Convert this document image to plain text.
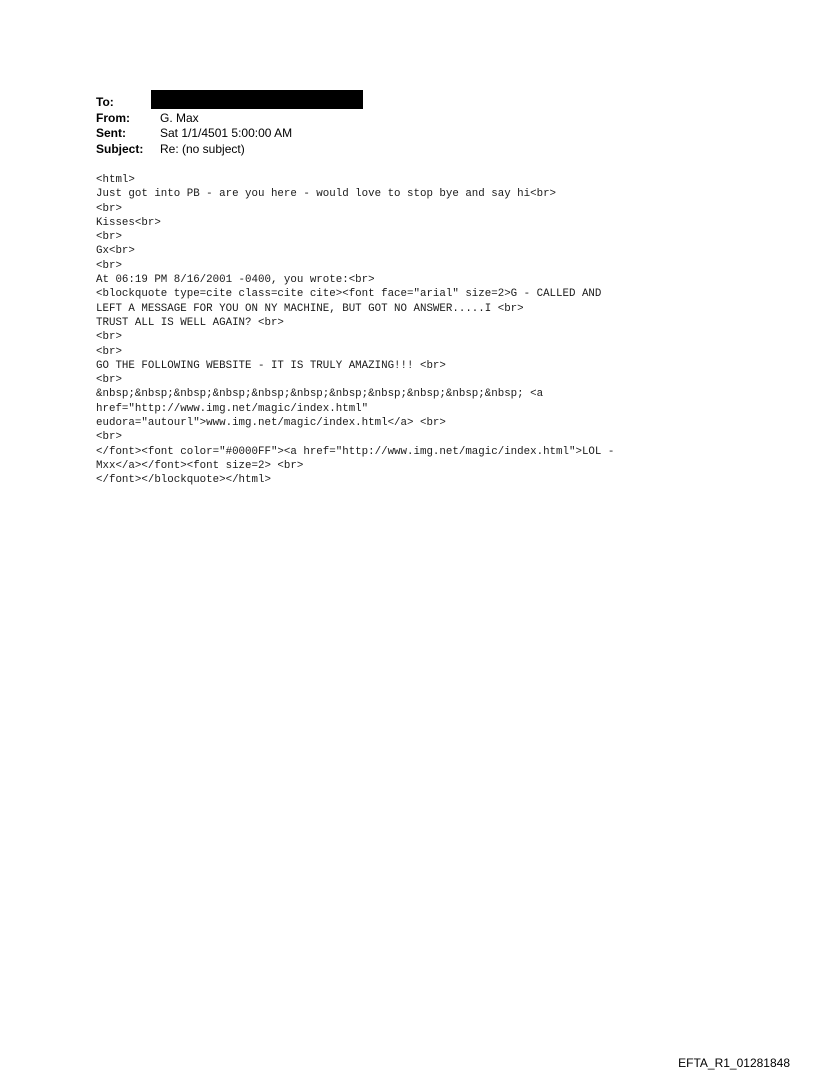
To:
From:	G. Max
Sent:	Sat 1/1/4501 5:00:00 AM
Subject:	Re: (no subject)
<html>
Just got into PB - are you here - would love to stop bye and say hi<br>
<br>
Kisses<br>
<br>
Gx<br>
<br>
At 06:19 PM 8/16/2001 -0400, you wrote:<br>
<blockquote type=cite class=cite cite><font face="arial" size=2>G - CALLED AND
LEFT A MESSAGE FOR YOU ON NY MACHINE, BUT GOT NO ANSWER.....I <br>
TRUST ALL IS WELL AGAIN? <br>
<br>
<br>
GO THE FOLLOWING WEBSITE - IT IS TRULY AMAZING!!! <br>
<br>
&nbsp;&nbsp;&nbsp;&nbsp;&nbsp;&nbsp;&nbsp;&nbsp;&nbsp;&nbsp;&nbsp; <a
href="http://www.img.net/magic/index.html"
eudora="autourl">www.img.net/magic/index.html</a> <br>
<br>
</font><font color="#0000FF"><a href="http://www.img.net/magic/index.html">LOL -
Mxx</a></font><font size=2> <br>
</font></blockquote></html>
EFTA_R1_01281848
